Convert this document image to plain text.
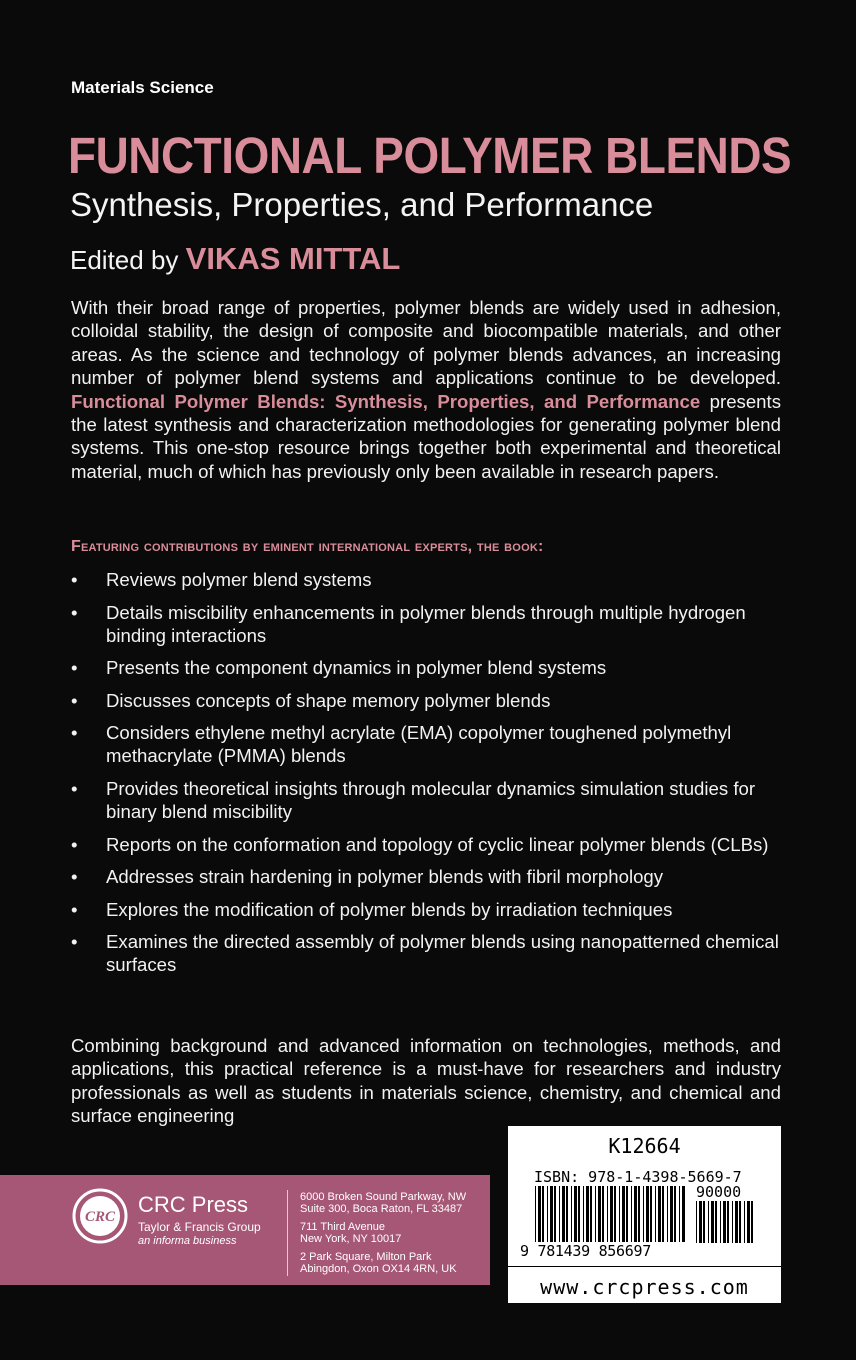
Materials Science
FUNCTIONAL POLYMER BLENDS
Synthesis, Properties, and Performance
Edited by VIKAS MITTAL
With their broad range of properties, polymer blends are widely used in adhesion, colloidal stability, the design of composite and biocompatible materials, and other areas. As the science and technology of polymer blends advances, an increasing number of polymer blend systems and applications continue to be developed. Functional Polymer Blends: Synthesis, Properties, and Performance presents the latest synthesis and characterization methodologies for generating polymer blend systems. This one-stop resource brings together both experimental and theoretical material, much of which has previously only been available in research papers.
Featuring contributions by eminent international experts, the book:
• Reviews polymer blend systems
• Details miscibility enhancements in polymer blends through multiple hydrogen binding interactions
• Presents the component dynamics in polymer blend systems
• Discusses concepts of shape memory polymer blends
• Considers ethylene methyl acrylate (EMA) copolymer toughened polymethyl methacrylate (PMMA) blends
• Provides theoretical insights through molecular dynamics simulation studies for binary blend miscibility
• Reports on the conformation and topology of cyclic linear polymer blends (CLBs)
• Addresses strain hardening in polymer blends with fibril morphology
• Explores the modification of polymer blends by irradiation techniques
• Examines the directed assembly of polymer blends using nanopatterned chemical surfaces
Combining background and advanced information on technologies, methods, and applications, this practical reference is a must-have for researchers and industry professionals as well as students in materials science, chemistry, and chemical and surface engineering
CRC CRC Press
Taylor & Francis Group
an informa business
6000 Broken Sound Parkway, NW
Suite 300, Boca Raton, FL 33487
711 Third Avenue
New York, NY 10017
2 Park Square, Milton Park
Abingdon, Oxon OX14 4RN, UK
K12664
ISBN: 978-1-4398-5669-7
90000
9 781439 856697
www.crcpress.com
